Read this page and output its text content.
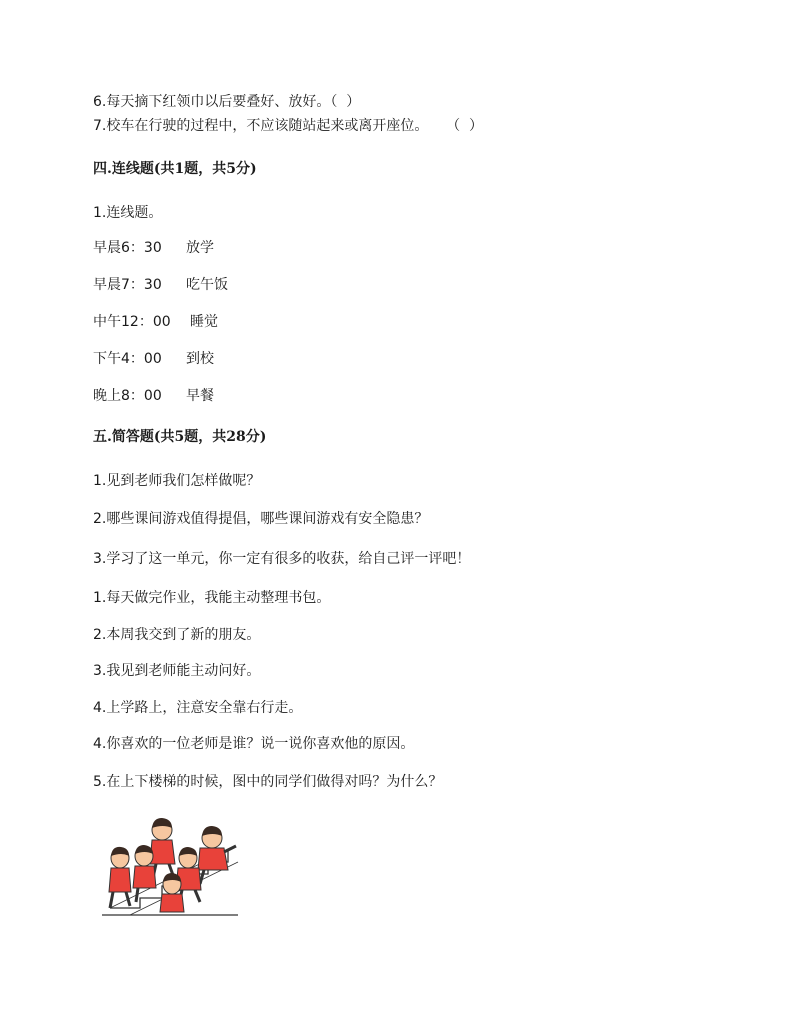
6.每天摘下红领巾以后要叠好、放好。（  ）
7.校车在行驶的过程中，不应该随站起来或离开座位。    （  ）
四.连线题(共1题，共5分)
1.连线题。
早晨6：30 放学
早晨7：30 吃午饭
中午12：00 睡觉
下午4：00 到校
晚上8：00 早餐
五.简答题(共5题，共28分)
1.见到老师我们怎样做呢？
2.哪些课间游戏值得提倡，哪些课间游戏有安全隐患？
3.学习了这一单元，你一定有很多的收获，给自己评一评吧！
1.每天做完作业，我能主动整理书包。
2.本周我交到了新的朋友。
3.我见到老师能主动问好。
4.上学路上，注意安全靠右行走。
4.你喜欢的一位老师是谁？说一说你喜欢他的原因。
5.在上下楼梯的时候，图中的同学们做得对吗？为什么？
